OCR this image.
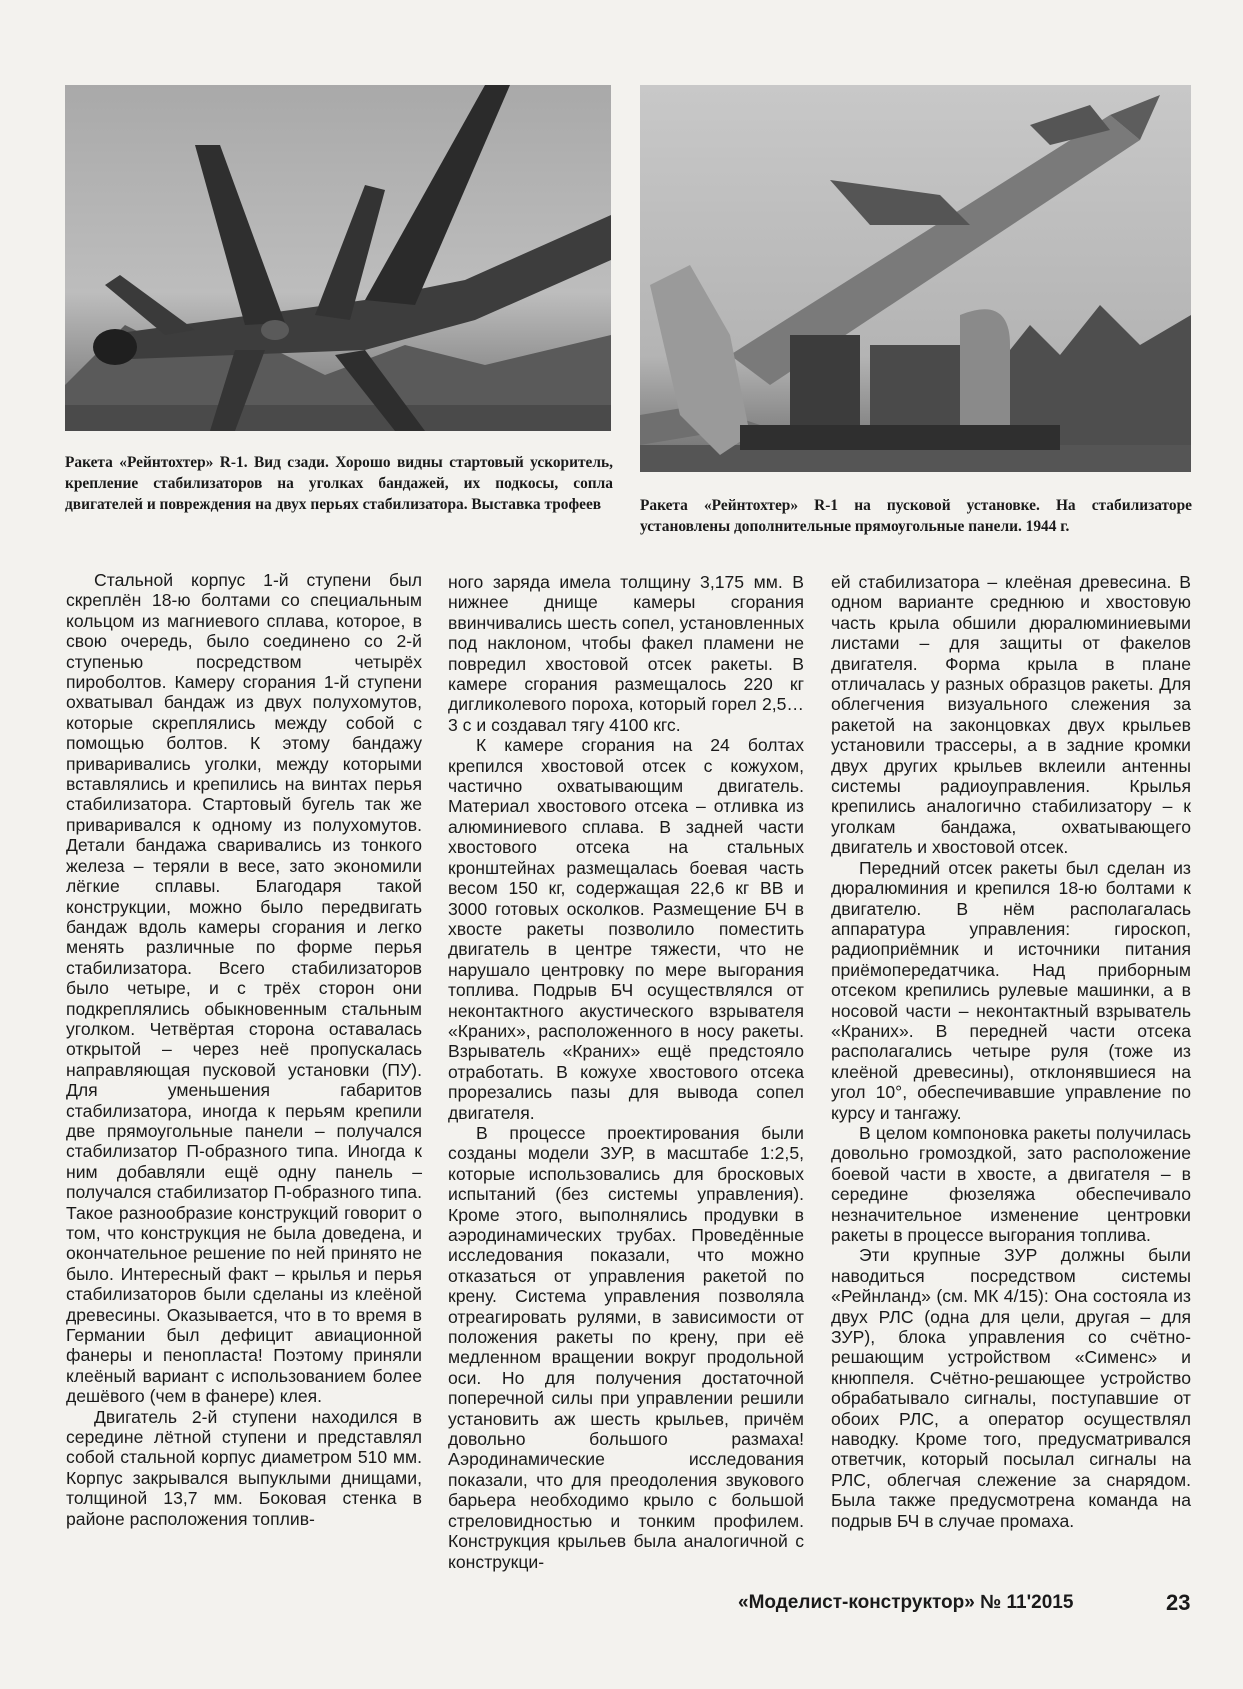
Ракета «Рейнтохтер» R-1. Вид сзади. Хорошо видны стартовый ускоритель, крепление стабилизаторов на уголках бандажей, их подкосы, сопла двигателей и повреждения на двух перьях стабилизатора. Выставка трофеев	Ракета «Рейнтохтер» R-1 на пусковой установке. На стабилизаторе установлены дополнительные прямоугольные панели. 1944 г.

Стальной корпус 1-й ступени был скреплён 18-ю болтами со специальным кольцом из магниевого сплава, которое, в свою очередь, было соединено со 2-й ступенью посредством четырёх пироболтов. Камеру сгорания 1-й ступени охватывал бандаж из двух полухомутов, которые скреплялись между собой с помощью болтов. К этому бандажу приваривались уголки, между которыми вставлялись и крепились на винтах перья стабилизатора. Стартовый бугель так же приваривался к одному из полухомутов. Детали бандажа сваривались из тонкого железа – теряли в весе, зато экономили лёгкие сплавы. Благодаря такой конструкции, можно было передвигать бандаж вдоль камеры сгорания и легко менять различные по форме перья стабилизатора. Всего стабилизаторов было четыре, и с трёх сторон они подкреплялись обыкновенным стальным уголком. Четвёртая сторона оставалась открытой – через неё пропускалась направляющая пусковой установки (ПУ). Для уменьшения габаритов стабилизатора, иногда к перьям крепили две прямоугольные панели – получался стабилизатор П-образного типа. Иногда к ним добавляли ещё одну панель – получался стабилизатор П-образного типа. Такое разнообразие конструкций говорит о том, что конструкция не была доведена, и окончательное решение по ней принято не было. Интересный факт – крылья и перья стабилизаторов были сделаны из клеёной древесины. Оказывается, что в то время в Германии был дефицит авиационной фанеры и пенопласта! Поэтому приняли клеёный вариант с использованием более дешёвого (чем в фанере) клея.

Двигатель 2-й ступени находился в середине лётной ступени и представлял собой стальной корпус диаметром 510 мм. Корпус закрывался выпуклыми днищами, толщиной 13,7 мм. Боковая стенка в районе расположения топлив-

ного заряда имела толщину 3,175 мм. В нижнее днище камеры сгорания ввинчивались шесть сопел, установленных под наклоном, чтобы факел пламени не повредил хвостовой отсек ракеты. В камере сгорания размещалось 220 кг дигликолевого пороха, который горел 2,5…3 с и создавал тягу 4100 кгс.

К камере сгорания на 24 болтах крепился хвостовой отсек с кожухом, частично охватывающим двигатель. Материал хвостового отсека – отливка из алюминиевого сплава. В задней части хвостового отсека на стальных кронштейнах размещалась боевая часть весом 150 кг, содержащая 22,6 кг ВВ и 3000 готовых осколков. Размещение БЧ в хвосте ракеты позволило поместить двигатель в центре тяжести, что не нарушало центровку по мере выгорания топлива. Подрыв БЧ осуществлялся от неконтактного акустического взрывателя «Краних», расположенного в носу ракеты. Взрыватель «Краних» ещё предстояло отработать. В кожухе хвостового отсека прорезались пазы для вывода сопел двигателя.

В процессе проектирования были созданы модели ЗУР, в масштабе 1:2,5, которые использовались для бросковых испытаний (без системы управления). Кроме этого, выполнялись продувки в аэродинамических трубах. Проведённые исследования показали, что можно отказаться от управления ракетой по крену. Система управления позволяла отреагировать рулями, в зависимости от положения ракеты по крену, при её медленном вращении вокруг продольной оси. Но для получения достаточной поперечной силы при управлении решили установить аж шесть крыльев, причём довольно большого размаха! Аэродинамические исследования показали, что для преодоления звукового барьера необходимо крыло с большой стреловидностью и тонким профилем. Конструкция крыльев была аналогичной с конструкци-

ей стабилизатора – клеёная древесина. В одном варианте среднюю и хвостовую часть крыла обшили дюралюминиевыми листами – для защиты от факелов двигателя. Форма крыла в плане отличалась у разных образцов ракеты. Для облегчения визуального слежения за ракетой на законцовках двух крыльев установили трассеры, а в задние кромки двух других крыльев вклеили антенны системы радиоуправления. Крылья крепились аналогично стабилизатору – к уголкам бандажа, охватывающего двигатель и хвостовой отсек.

Передний отсек ракеты был сделан из дюралюминия и крепился 18-ю болтами к двигателю. В нём располагалась аппаратура управления: гироскоп, радиоприёмник и источники питания приёмопередатчика. Над приборным отсеком крепились рулевые машинки, а в носовой части – неконтактный взрыватель «Краних». В передней части отсека располагались четыре руля (тоже из клеёной древесины), отклонявшиеся на угол 10°, обеспечивавшие управление по курсу и тангажу.

В целом компоновка ракеты получилась довольно громоздкой, зато расположение боевой части в хвосте, а двигателя – в середине фюзеляжа обеспечивало незначительное изменение центровки ракеты в процессе выгорания топлива.

Эти крупные ЗУР должны были наводиться посредством системы «Рейнланд» (см. МК 4/15): Она состояла из двух РЛС (одна для цели, другая – для ЗУР), блока управления со счётно-решающим устройством «Сименс» и кнюппеля. Счётно-решающее устройство обрабатывало сигналы, поступавшие от обоих РЛС, а оператор осуществлял наводку. Кроме того, предусматривался ответчик, который посылал сигналы на РЛС, облегчая слежение за снарядом. Была также предусмотрена команда на подрыв БЧ в случае промаха.

«Моделист-конструктор» № 11'2015	23
